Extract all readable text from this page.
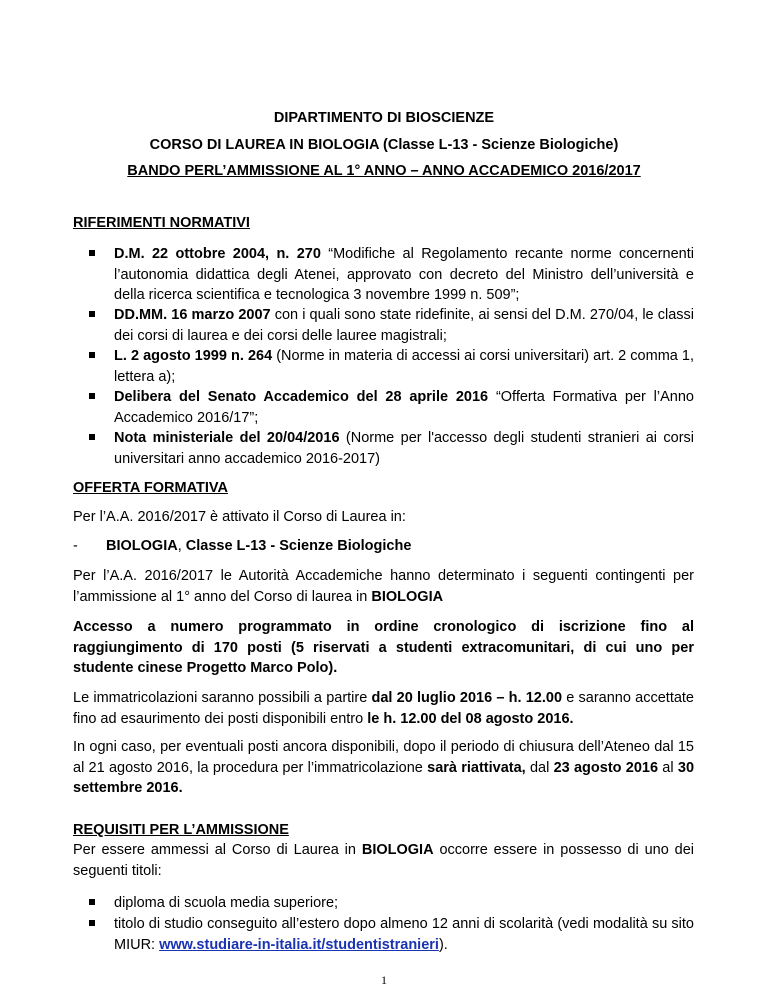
DIPARTIMENTO DI BIOSCIENZE
CORSO DI LAUREA IN BIOLOGIA (Classe L-13 - Scienze Biologiche)
BANDO PERL’AMMISSIONE AL 1° ANNO – ANNO ACCADEMICO 2016/2017
RIFERIMENTI NORMATIVI
D.M. 22 ottobre 2004, n. 270 “Modifiche al Regolamento recante norme concernenti l’autonomia didattica degli Atenei, approvato con decreto del Ministro dell’università e della ricerca scientifica e tecnologica 3 novembre 1999 n. 509”;
DD.MM. 16 marzo 2007 con i quali sono state ridefinite, ai sensi del D.M. 270/04, le classi dei corsi di laurea e dei corsi delle lauree magistrali;
L. 2 agosto 1999 n. 264 (Norme in materia di accessi ai corsi universitari) art. 2 comma 1, lettera a);
Delibera del Senato Accademico del 28 aprile 2016 “Offerta Formativa per l’Anno Accademico 2016/17”;
Nota ministeriale del 20/04/2016 (Norme per l'accesso degli studenti stranieri ai corsi universitari anno accademico 2016-2017)
OFFERTA FORMATIVA
Per l’A.A. 2016/2017 è attivato il Corso di Laurea in:
- BIOLOGIA, Classe L-13 - Scienze Biologiche
Per l’A.A. 2016/2017 le Autorità Accademiche hanno determinato i seguenti contingenti per l’ammissione al 1° anno del Corso di laurea in BIOLOGIA
Accesso a numero programmato in ordine cronologico di iscrizione fino al raggiungimento di 170 posti (5 riservati a studenti extracomunitari, di cui uno per studente cinese Progetto Marco Polo).
Le immatricolazioni saranno possibili a partire dal 20 luglio 2016 – h. 12.00 e saranno accettate fino ad esaurimento dei posti disponibili entro le h. 12.00 del 08 agosto 2016.
In ogni caso, per eventuali posti ancora disponibili, dopo il periodo di chiusura dell’Ateneo dal 15 al 21 agosto 2016, la procedura per l’immatricolazione sarà riattivata, dal 23 agosto 2016 al 30 settembre 2016.
REQUISITI PER L’AMMISSIONE
Per essere ammessi al Corso di Laurea in BIOLOGIA occorre essere in possesso di uno dei seguenti titoli:
diploma di scuola media superiore;
titolo di studio conseguito all’estero dopo almeno 12 anni di scolarità (vedi modalità su sito MIUR: www.studiare-in-italia.it/studentistranieri).
1
